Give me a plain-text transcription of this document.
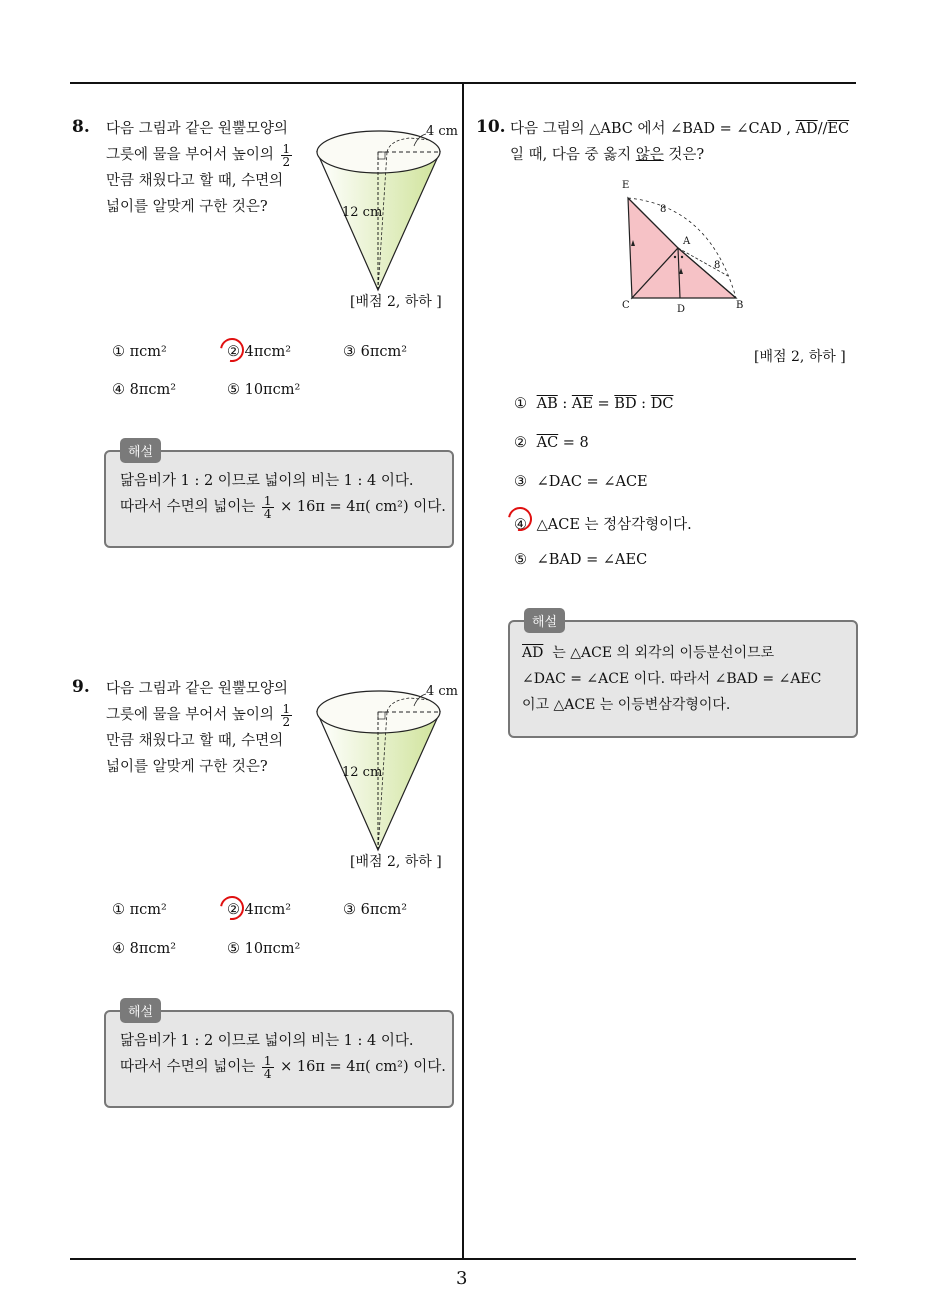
3
8. 다음 그림과 같은 원뿔모양의
그릇에 물을 부어서 높이의 $\frac{1}{2}$
만큼 채웠다고 할 때, 수면의
넓이를 알맞게 구한 것은?
4 cm
12 cm
[배점 2, 하하 ]
① πcm²	② 4πcm²	③ 6πcm²
④ 8πcm²	⑤ 10πcm²
해설
닮음비가 1 : 2 이므로 넓이의 비는 1 : 4 이다.
따라서 수면의 넓이는 $\frac{1}{4} \times 16\pi = 4\pi$( cm²) 이다.
9. 다음 그림과 같은 원뿔모양의
그릇에 물을 부어서 높이의 $\frac{1}{2}$
만큼 채웠다고 할 때, 수면의
넓이를 알맞게 구한 것은?
4 cm
12 cm
[배점 2, 하하 ]
① πcm²	② 4πcm²	③ 6πcm²
④ 8πcm²	⑤ 10πcm²
해설
닮음비가 1 : 2 이므로 넓이의 비는 1 : 4 이다.
따라서 수면의 넓이는 $\frac{1}{4} \times 16\pi = 4\pi$( cm²) 이다.
10. 다음 그림의 △ABC 에서 ∠BAD = ∠CAD , $\overline{AD}//\overline{EC}$
일 때, 다음 중 옳지 않은 것은?
E
8
A
8
C	D	B
[배점 2, 하하 ]
① $\overline{AB}$ : $\overline{AE} = \overline{BD}$ : $\overline{DC}$
② $\overline{AC} = 8$
③ ∠DAC = ∠ACE
④ △ACE 는 정삼각형이다.
⑤ ∠BAD = ∠AEC
해설
$\overline{AD}$ 는 △ACE 의 외각의 이등분선이므로
∠DAC = ∠ACE 이다. 따라서 ∠BAD = ∠AEC
이고 △ACE 는 이등변삼각형이다.
